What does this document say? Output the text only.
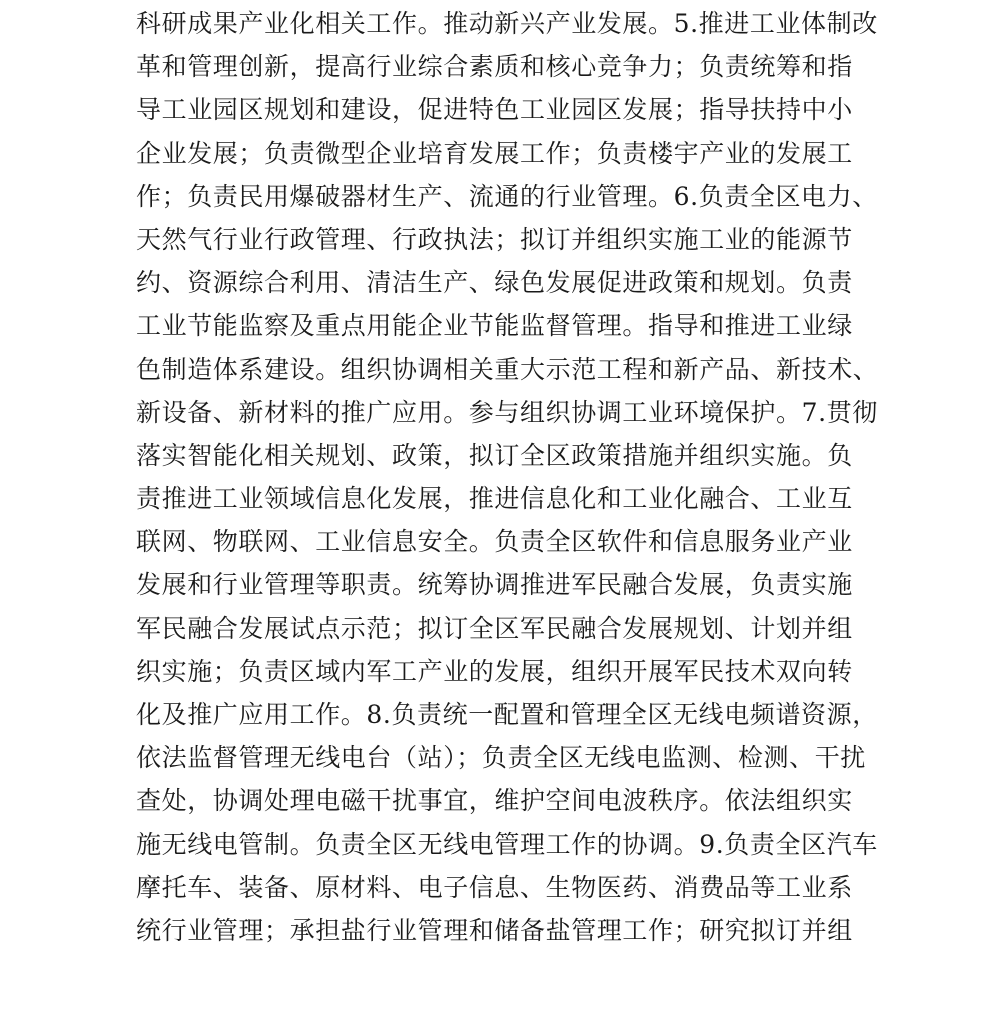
科研成果产业化相关工作。推动新兴产业发展。5.推进工业体制改
革和管理创新，提高行业综合素质和核心竞争力；负责统筹和指
导工业园区规划和建设，促进特色工业园区发展；指导扶持中小
企业发展；负责微型企业培育发展工作；负责楼宇产业的发展工
作；负责民用爆破器材生产、流通的行业管理。6.负责全区电力、
天然气行业行政管理、行政执法；拟订并组织实施工业的能源节
约、资源综合利用、清洁生产、绿色发展促进政策和规划。负责
工业节能监察及重点用能企业节能监督管理。指导和推进工业绿
色制造体系建设。组织协调相关重大示范工程和新产品、新技术、
新设备、新材料的推广应用。参与组织协调工业环境保护。7.贯彻
落实智能化相关规划、政策，拟订全区政策措施并组织实施。负
责推进工业领域信息化发展，推进信息化和工业化融合、工业互
联网、物联网、工业信息安全。负责全区软件和信息服务业产业
发展和行业管理等职责。统筹协调推进军民融合发展，负责实施
军民融合发展试点示范；拟订全区军民融合发展规划、计划并组
织实施；负责区域内军工产业的发展，组织开展军民技术双向转
化及推广应用工作。8.负责统一配置和管理全区无线电频谱资源，
依法监督管理无线电台（站）；负责全区无线电监测、检测、干扰
查处，协调处理电磁干扰事宜，维护空间电波秩序。依法组织实
施无线电管制。负责全区无线电管理工作的协调。9.负责全区汽车
摩托车、装备、原材料、电子信息、生物医药、消费品等工业系
统行业管理；承担盐行业管理和储备盐管理工作；研究拟订并组
